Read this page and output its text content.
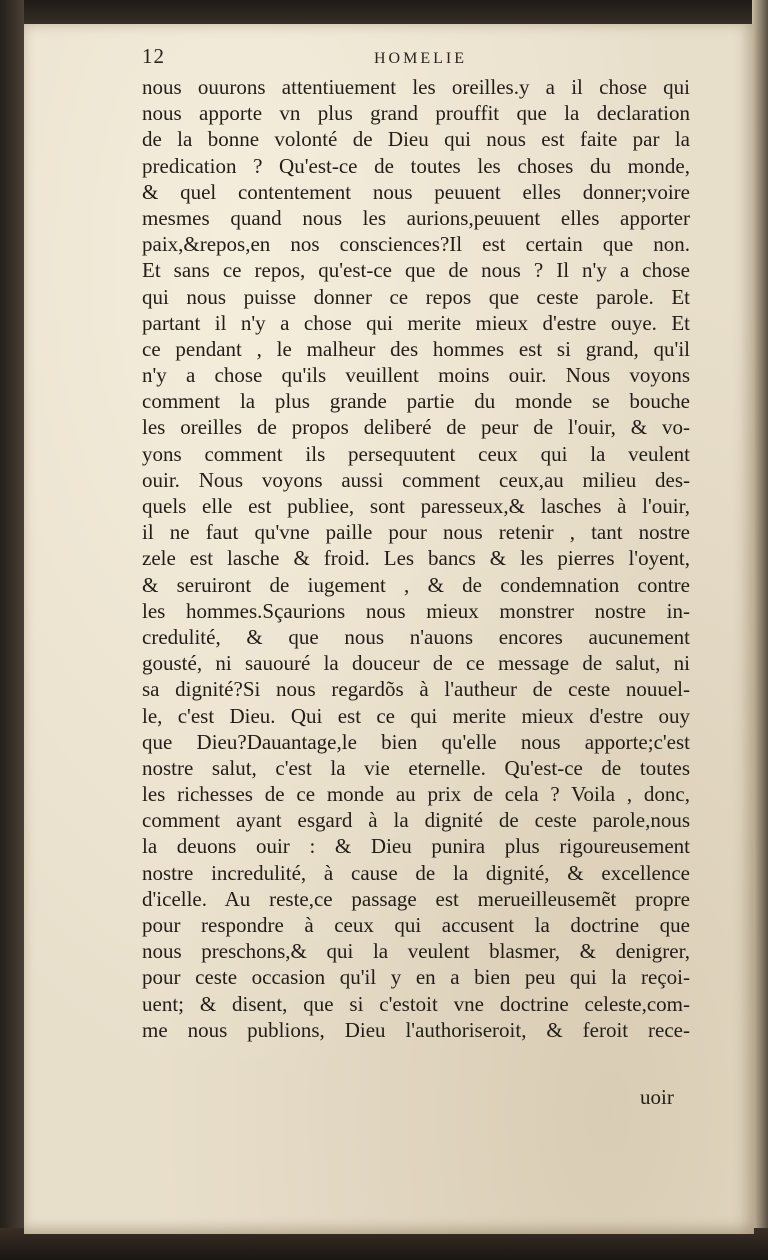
12	HOMELIE
nous ouurons attentiuement les oreilles.y a il chose qui
nous apporte vn plus grand prouffit que la declaration
de la bonne volonté de Dieu qui nous est faite par la
predication ? Qu'est-ce de toutes les choses du monde,
& quel contentement nous peuuent elles donner;voire
mesmes quand nous les aurions,peuuent elles apporter
paix,&repos,en nos consciences?Il est certain que non.
Et sans ce repos, qu'est-ce que de nous ? Il n'y a chose
qui nous puisse donner ce repos que ceste parole. Et
partant il n'y a chose qui merite mieux d'estre ouye. Et
ce pendant , le malheur des hommes est si grand, qu'il
n'y a chose qu'ils veuillent moins ouir. Nous voyons
comment la plus grande partie du monde se bouche
les oreilles de propos deliberé de peur de l'ouir, & vo-
yons comment ils persequutent ceux qui la veulent
ouir. Nous voyons aussi comment ceux,au milieu des-
quels elle est publiee, sont paresseux,& lasches à l'ouir,
il ne faut qu'vne paille pour nous retenir , tant nostre
zele est lasche & froid. Les bancs & les pierres l'oyent,
& seruiront de iugement , & de condemnation contre
les hommes.Sçaurions nous mieux monstrer nostre in-
credulité, & que nous n'auons encores aucunement
gousté, ni sauouré la douceur de ce message de salut, ni
sa dignité?Si nous regardõs à l'autheur de ceste nouuel-
le, c'est Dieu. Qui est ce qui merite mieux d'estre ouy
que Dieu?Dauantage,le bien qu'elle nous apporte;c'est
nostre salut, c'est la vie eternelle. Qu'est-ce de toutes
les richesses de ce monde au prix de cela ? Voila , donc,
comment ayant esgard à la dignité de ceste parole,nous
la deuons ouir : & Dieu punira plus rigoureusement
nostre incredulité, à cause de la dignité, & excellence
d'icelle. Au reste,ce passage est merueilleusemẽt propre
pour respondre à ceux qui accusent la doctrine que
nous preschons,& qui la veulent blasmer, & denigrer,
pour ceste occasion qu'il y en a bien peu qui la reçoi-
uent; & disent, que si c'estoit vne doctrine celeste,com-
me nous publions, Dieu l'authoriseroit, & feroit rece-
uoir
